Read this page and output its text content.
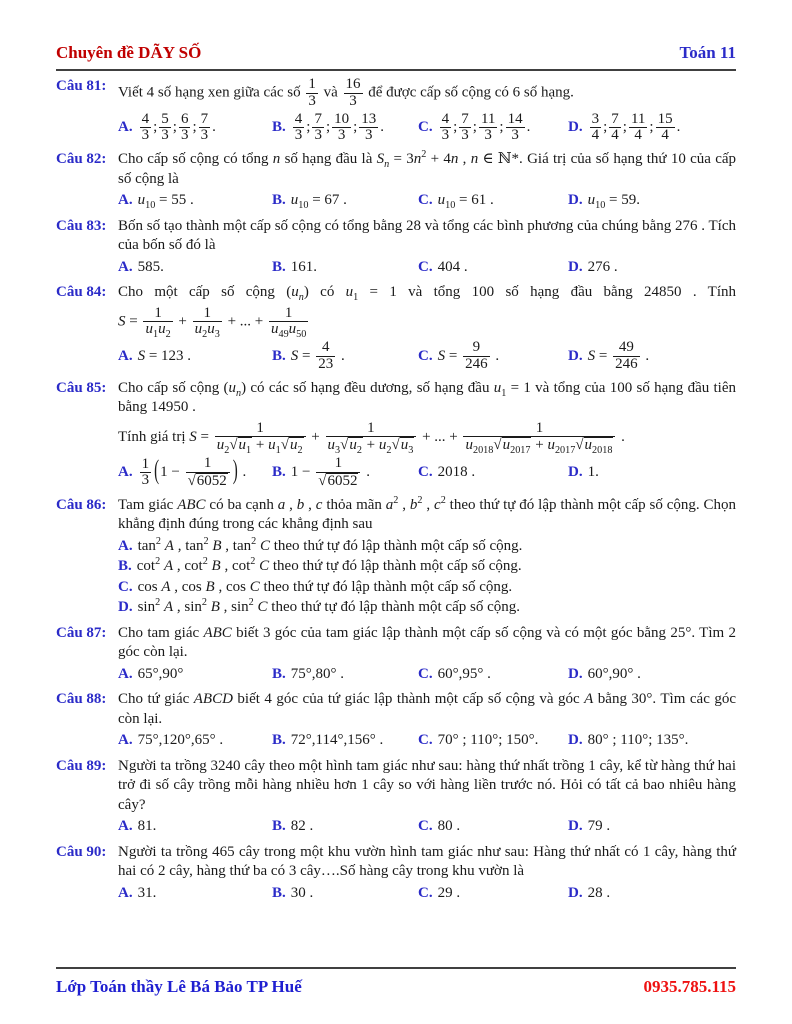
Chuyên đề DÃY SỐ	Toán 11
Câu 81: Viết 4 số hạng xen giữa các số $\frac{1}{3}$ và $\frac{16}{3}$ để được cấp số cộng có 6 số hạng.
A. $\frac{4}{3}$ ; $\frac{5}{3}$ ; $\frac{6}{3}$ ; $\frac{7}{3}$ .	B. $\frac{4}{3}$ ; $\frac{7}{3}$ ; $\frac{10}{3}$ ; $\frac{13}{3}$ .	C. $\frac{4}{3}$ ; $\frac{7}{3}$ ; $\frac{11}{3}$ ; $\frac{14}{3}$ .	D. $\frac{3}{4}$ ; $\frac{7}{4}$ ; $\frac{11}{4}$ ; $\frac{15}{4}$ .
Câu 82: Cho cấp số cộng có tổng n số hạng đầu là $S_n = 3n^2 + 4n$ , n ∈ ℕ*. Giá trị của số hạng thứ 10 của cấp số cộng là
A. $u_{10} = 55$ .	B. $u_{10} = 67$ .	C. $u_{10} = 61$ .	D. $u_{10} = 59$.
Câu 83: Bốn số tạo thành một cấp số cộng có tổng bằng 28 và tổng các bình phương của chúng bằng 276 . Tích của bốn số đó là
A. 585.	B. 161.	C. 404 .	D. 276 .
Câu 84: Cho một cấp số cộng $(u_n)$ có $u_1 = 1$ và tổng 100 số hạng đầu bằng 24850 . Tính
$S = \frac{1}{u_1u_2} + \frac{1}{u_2u_3}$ + ... + $\frac{1}{u_{49}u_{50}}$
A. S = 123 .	B. $S = \frac{4}{23}$ .	C. $S = \frac{9}{246}$ .	D. $S = \frac{49}{246}$ .
Câu 85: Cho cấp số cộng $(u_n)$ có các số hạng đều dương, số hạng đầu $u_1 = 1$ và tổng của 100 số hạng đầu tiên bằng 14950 .
Tính giá trị $S = \frac{1}{u_2√u_1 + u_1√u_2} + \frac{1}{u_3√u_2 + u_2√u_3}$ + ... + $\frac{1}{u_{2018}√u_{2017} + u_{2017}√u_{2018}}$ .
A. $\frac{1}{3} (1 - \frac{1}{√6052}$ ) .	B. $1 - \frac{1}{√6052}$ .	C. 2018 .	D. 1.
Câu 86: Tam giác ABC có ba cạnh a , b , c thỏa mãn $a^2$ , $b^2$ , $c^2$ theo thứ tự đó lập thành một cấp số cộng. Chọn khẳng định đúng trong các khẳng định sau
A. $\tan^2 A$ , $\tan^2 B$ , $\tan^2 C$ theo thứ tự đó lập thành một cấp số cộng.
B. $\cot^2 A$ , $\cot^2 B$ , $\cot^2 C$ theo thứ tự đó lập thành một cấp số cộng.
C. cos A , cos B , cos C theo thứ tự đó lập thành một cấp số cộng.
D. $\sin^2 A$ , $\sin^2 B$ , $\sin^2 C$ theo thứ tự đó lập thành một cấp số cộng.
Câu 87: Cho tam giác ABC biết 3 góc của tam giác lập thành một cấp số cộng và có một góc bằng 25°. Tìm 2 góc còn lại.
A. 65°,90°	B. 75°,80° .	C. 60°,95° .	D. 60°,90° .
Câu 88: Cho tứ giác ABCD biết 4 góc của tứ giác lập thành một cấp số cộng và góc A bằng 30°. Tìm các góc còn lại.
A. 75°,120°,65° .	B. 72°,114°,156° .	C. 70° ; 110°; 150°.	D. 80° ; 110°; 135°.
Câu 89: Người ta trồng 3240 cây theo một hình tam giác như sau: hàng thứ nhất trồng 1 cây, kể từ hàng thứ hai trở đi số cây trồng mỗi hàng nhiều hơn 1 cây so với hàng liền trước nó. Hỏi có tất cả bao nhiêu hàng cây?
A. 81.	B. 82 .	C. 80 .	D. 79 .
Câu 90: Người ta trồng 465 cây trong một khu vườn hình tam giác như sau: Hàng thứ nhất có 1 cây, hàng thứ hai có 2 cây, hàng thứ ba có 3 cây….Số hàng cây trong khu vườn là
A. 31.	B. 30 .	C. 29 .	D. 28 .
Lớp Toán thầy Lê Bá Bảo TP Huế	0935.785.115
